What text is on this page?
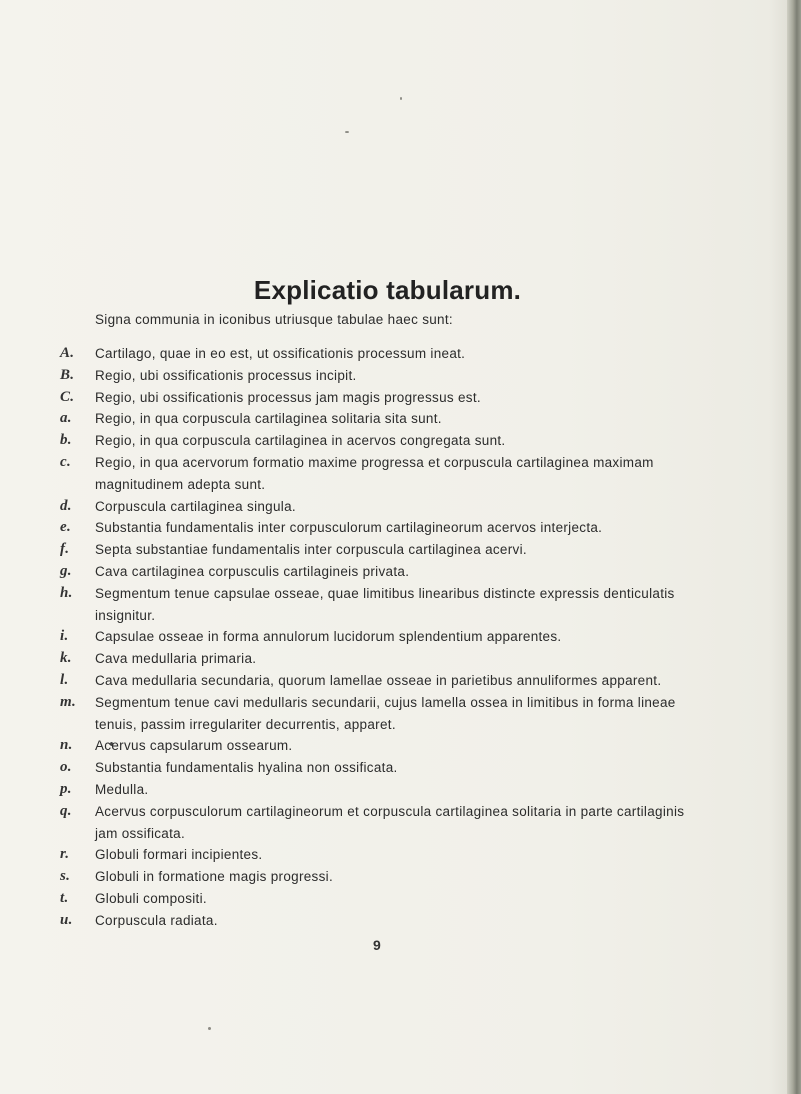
Explicatio tabularum.
Signa communia in iconibus utriusque tabulae haec sunt:
A. Cartilago, quae in eo est, ut ossificationis processum ineat.
B. Regio, ubi ossificationis processus incipit.
C. Regio, ubi ossificationis processus jam magis progressus est.
a. Regio, in qua corpuscula cartilaginea solitaria sita sunt.
b. Regio, in qua corpuscula cartilaginea in acervos congregata sunt.
c. Regio, in qua acervorum formatio maxime progressa et corpuscula cartilaginea maximam
magnitudinem adepta sunt.
d. Corpuscula cartilaginea singula.
e. Substantia fundamentalis inter corpusculorum cartilagineorum acervos interjecta.
f. Septa substantiae fundamentalis inter corpuscula cartilaginea acervi.
g. Cava cartilaginea corpusculis cartilagineis privata.
h. Segmentum tenue capsulae osseae, quae limitibus linearibus distincte expressis denticulatis
insignitur.
i. Capsulae osseae in forma annulorum lucidorum splendentium apparentes.
k. Cava medullaria primaria.
l. Cava medullaria secundaria, quorum lamellae osseae in parietibus annuliformes apparent.
m. Segmentum tenue cavi medullaris secundarii, cujus lamella ossea in limitibus in forma lineae
tenuis, passim irregulariter decurrentis, apparet.
n. Acervus capsularum ossearum.
o. Substantia fundamentalis hyalina non ossificata.
p. Medulla.
q. Acervus corpusculorum cartilagineorum et corpuscula cartilaginea solitaria in parte cartilaginis
jam ossificata.
r. Globuli formari incipientes.
s. Globuli in formatione magis progressi.
t. Globuli compositi.
u. Corpuscula radiata.
9
